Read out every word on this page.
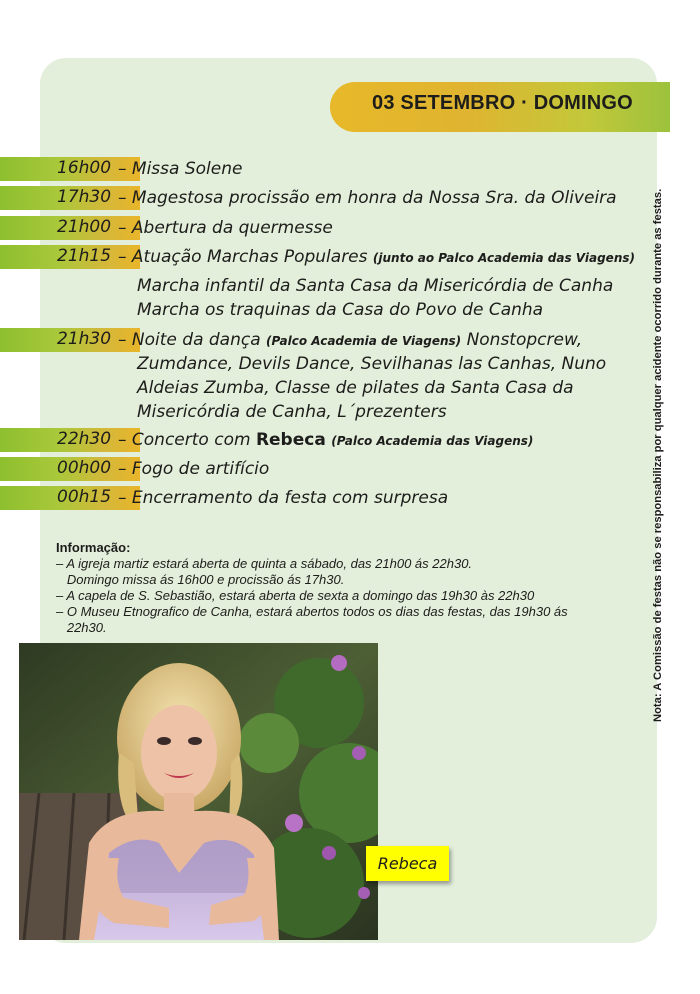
03 SETEMBRO · DOMINGO
16h00 – Missa Solene
17h30 – Magestosa procissão em honra da Nossa Sra. da Oliveira
21h00 – Abertura da quermesse
21h15 – Atuação Marchas Populares (junto ao Palco Academia das Viagens)
Marcha infantil da Santa Casa da Misericórdia de Canha
Marcha os traquinas da Casa do Povo de Canha
21h30 – Noite da dança (Palco Academia de Viagens) Nonstopcrew,
Zumdance, Devils Dance, Sevilhanas las Canhas, Nuno
Aldeias Zumba, Classe de pilates da Santa Casa da
Misericórdia de Canha, L´prezenters
22h30 – Concerto com Rebeca (Palco Academia das Viagens)
00h00 – Fogo de artifício
00h15 – Encerramento da festa com surpresa
Informação:
– A igreja martiz estará aberta de quinta a sábado, das 21h00 ás 22h30.
Domingo missa ás 16h00 e procissão ás 17h30.
– A capela de S. Sebastião, estará aberta de sexta a domingo das 19h30 às 22h30
– O Museu Etnografico de Canha, estará abertos todos os dias das festas, das 19h30 ás
22h30.	Nota: A Comissão de festas não se responsabiliza por qualquer acidente ocorrido durante as festas.
Rebeca
